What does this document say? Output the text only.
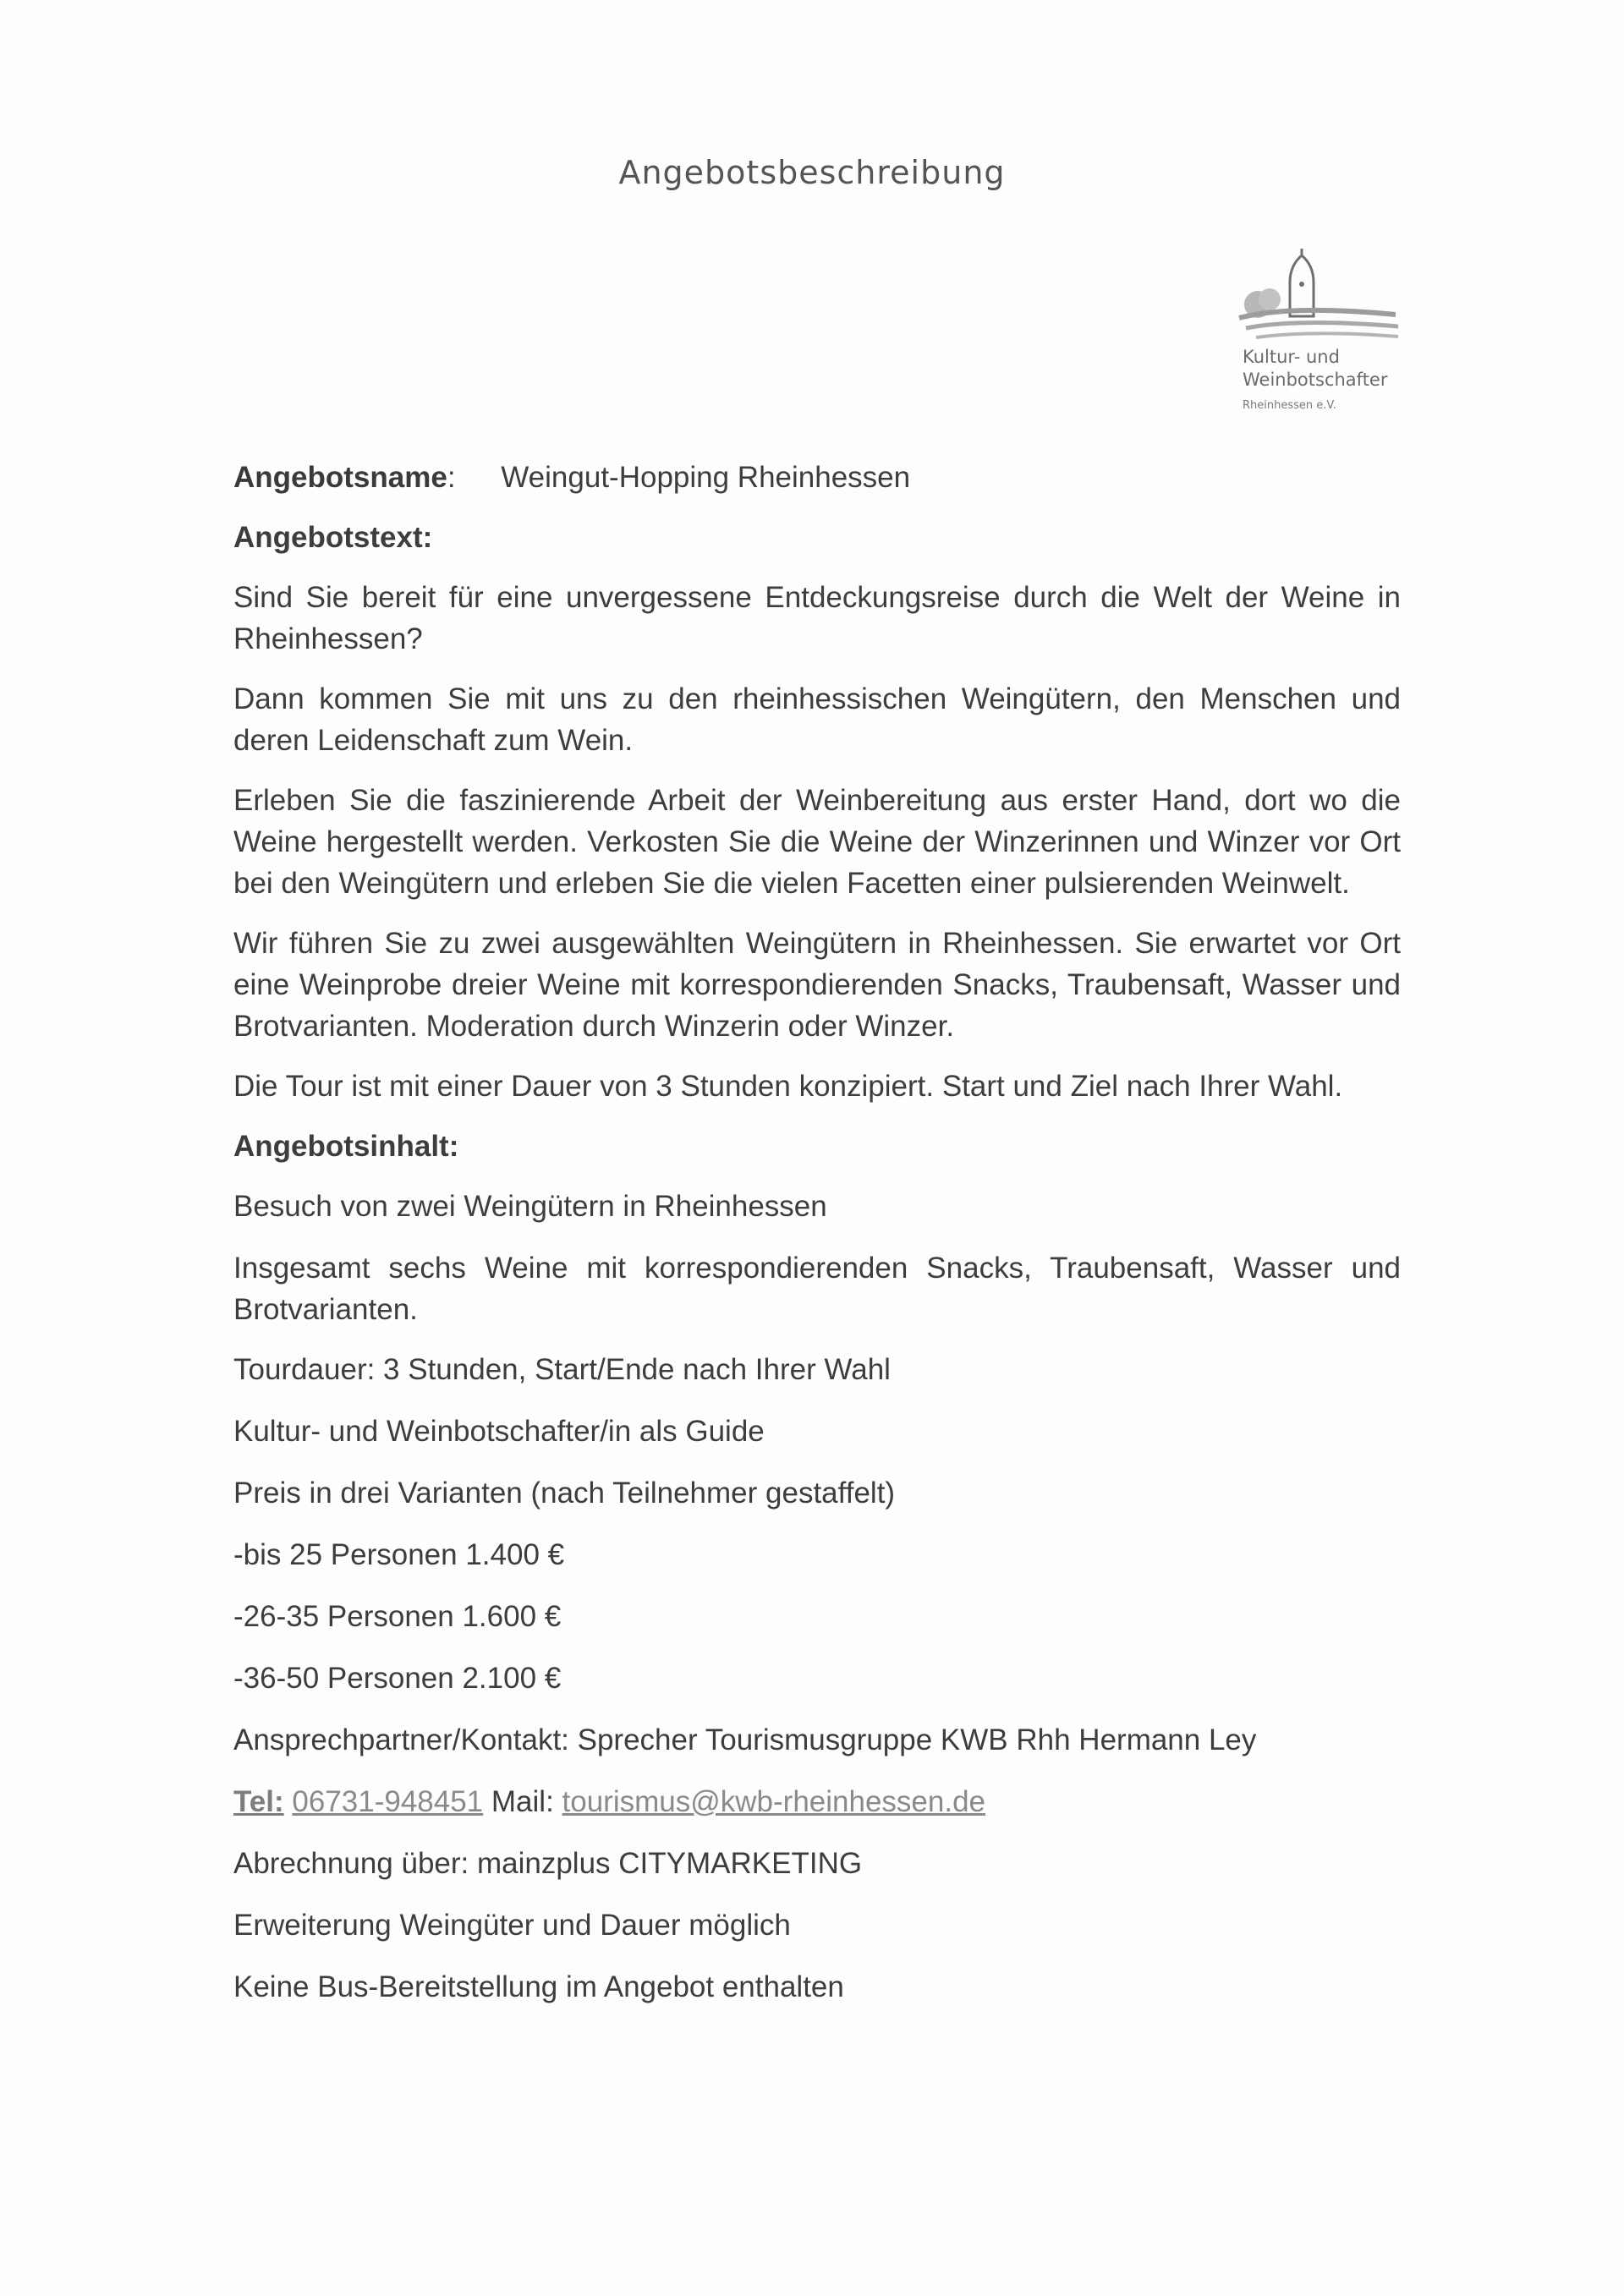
Angebotsbeschreibung
Kultur- und
Weinbotschafter
Rheinhessen e.V.
Angebotsname: Weingut-Hopping Rheinhessen
Angebotstext:

Sind Sie bereit für eine unvergessene Entdeckungsreise durch die Welt der Weine in Rheinhessen?

Dann kommen Sie mit uns zu den rheinhessischen Weingütern, den Menschen und deren Leidenschaft zum Wein.

Erleben Sie die faszinierende Arbeit der Weinbereitung aus erster Hand, dort wo die Weine hergestellt werden. Verkosten Sie die Weine der Winzerinnen und Winzer vor Ort bei den Weingütern und erleben Sie die vielen Facetten einer pulsierenden Weinwelt.

Wir führen Sie zu zwei ausgewählten Weingütern in Rheinhessen. Sie erwartet vor Ort eine Weinprobe dreier Weine mit korrespondierenden Snacks, Traubensaft, Wasser und Brotvarianten. Moderation durch Winzerin oder Winzer.

Die Tour ist mit einer Dauer von 3 Stunden konzipiert. Start und Ziel nach Ihrer Wahl.

Angebotsinhalt:

Besuch von zwei Weingütern in Rheinhessen

Insgesamt sechs Weine mit korrespondierenden Snacks, Traubensaft, Wasser und Brotvarianten.

Tourdauer: 3 Stunden, Start/Ende nach Ihrer Wahl

Kultur- und Weinbotschafter/in als Guide

Preis in drei Varianten (nach Teilnehmer gestaffelt)

-bis 25 Personen 1.400 €

-26-35 Personen 1.600 €

-36-50 Personen 2.100 €

Ansprechpartner/Kontakt: Sprecher Tourismusgruppe KWB Rhh Hermann Ley

Tel: 06731-948451 Mail: tourismus@kwb-rheinhessen.de

Abrechnung über: mainzplus CITYMARKETING

Erweiterung Weingüter und Dauer möglich

Keine Bus-Bereitstellung im Angebot enthalten
